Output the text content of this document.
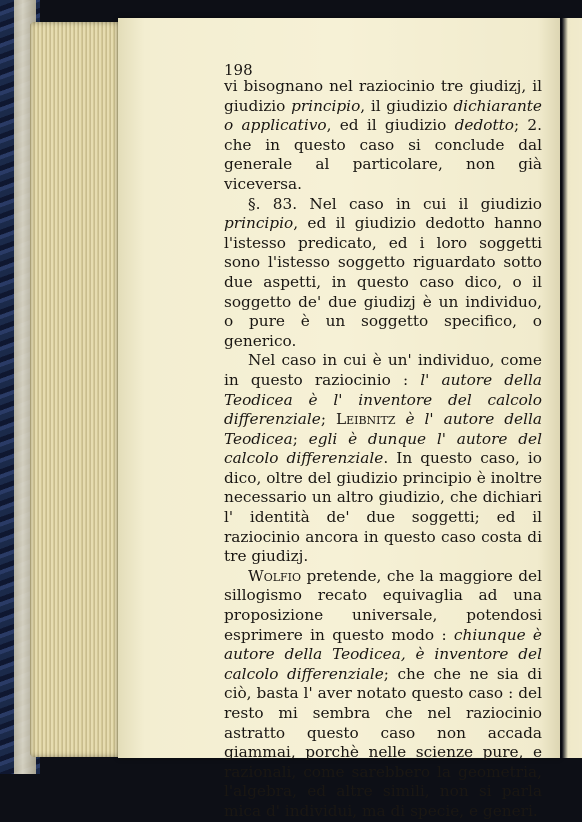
198

vi bisognano nel raziocinio tre giudizj, il giudizio principio, il giudizio dichiarante o applicativo, ed il giudizio dedotto; 2. che in questo caso si conclude dal generale al particolare, non già viceversa.

§. 83. Nel caso in cui il giudizio principio, ed il giudizio dedotto hanno l'istesso predicato, ed i loro soggetti sono l'istesso soggetto riguardato sotto due aspetti, in questo caso dico, o il soggetto de' due giudizj è un individuo, o pure è un soggetto specifico, o generico.

Nel caso in cui è un' individuo, come in questo raziocinio : l' autore della Teodicea è l' inventore del calcolo differenziale; Leibnitz è l' autore della Teodicea; egli è dunque l' autore del calcolo differenziale. In questo caso, io dico, oltre del giudizio principio è inoltre necessario un altro giudizio, che dichiari l' identità de' due soggetti; ed il raziocinio ancora in questo caso costa di tre giudizj.

Wolfio pretende, che la maggiore del sillogismo recato equivaglia ad una proposizione universale, potendosi esprimere in questo modo : chiunque è autore della Teodicea, è inventore del calcolo differenziale; che che ne sia di ciò, basta l' aver notato questo caso : del resto mi sembra che nel raziocinio astratto questo caso non accada giammai, porchè nelle scienze pure, e razionali, come sarebbero la geometria, l'algebra, ed altre simili, non si parla mica d' individui, ma di specie, e generi.
